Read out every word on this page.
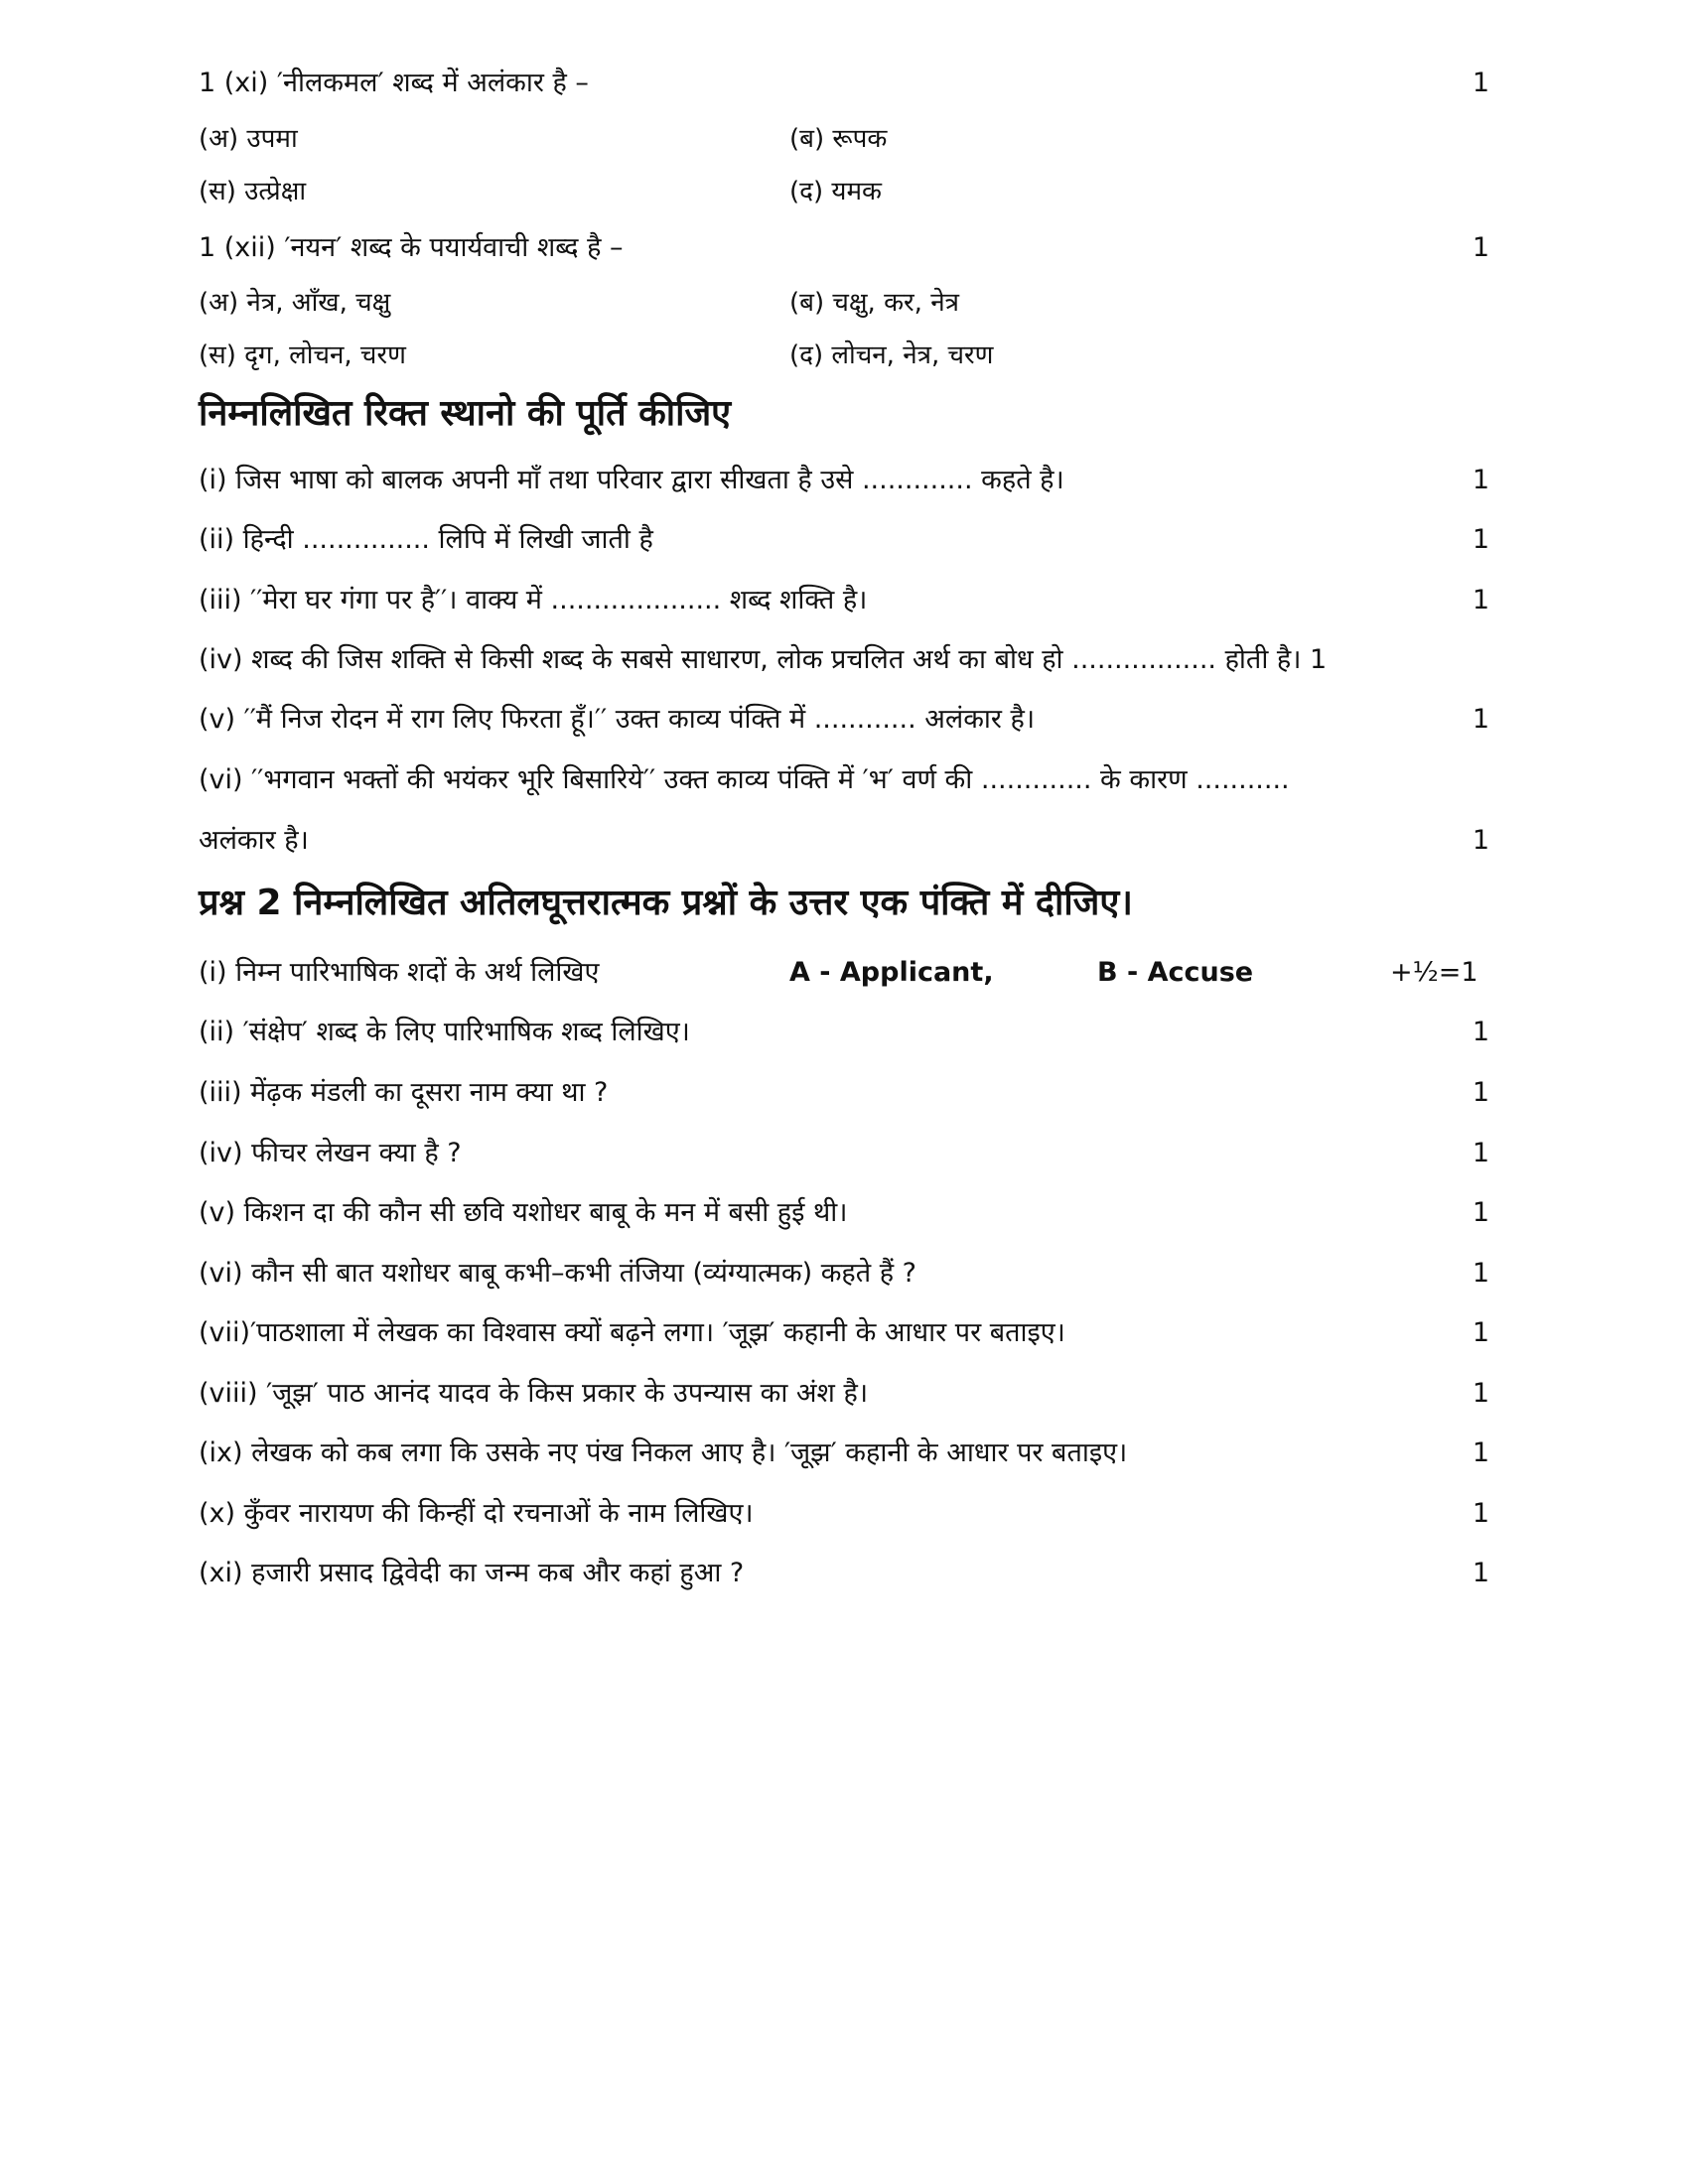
1 (xi) ′नीलकमल′ शब्द में अलंकार है –	1
(अ) उपमा	(ब) रूपक
(स) उत्प्रेक्षा	(द) यमक
1 (xii) ′नयन′ शब्द के पयार्यवाची शब्द है –	1
(अ) नेत्र, आँख, चक्षु	(ब) चक्षु, कर, नेत्र
(स) दृग, लोचन, चरण	(द) लोचन, नेत्र, चरण
निम्नलिखित रिक्त स्थानो की पूर्ति कीजिए
(i) जिस भाषा को बालक अपनी माँ तथा परिवार द्वारा सीखता है उसे ............. कहते है।	1
(ii) हिन्दी ............... लिपि में लिखी जाती है	1
(iii) ′′मेरा घर गंगा पर है′′। वाक्य में .................... शब्द शक्ति है।	1
(iv) शब्द की जिस शक्ति से किसी शब्द के सबसे साधारण, लोक प्रचलित अर्थ का बोध हो ................. होती है। 1
(v) ′′मैं निज रोदन में राग लिए फिरता हूँ।′′ उक्त काव्य पंक्ति में ............ अलंकार है।	1
(vi) ′′भगवान भक्तों की भयंकर भूरि बिसारिये′′ उक्त काव्य पंक्ति में ′भ′ वर्ण की ............. के कारण ...........
अलंकार है।	1
प्रश्न 2 निम्नलिखित अतिलघूत्तरात्मक प्रश्नों के उत्तर एक पंक्ति में दीजिए।
(i) निम्न पारिभाषिक शदों के अर्थ लिखिए	A - Applicant,	B - Accuse	+½=1
(ii) ′संक्षेप′ शब्द के लिए पारिभाषिक शब्द लिखिए।	1
(iii) मेंढ़क मंडली का दूसरा नाम क्या था ?	1
(iv) फीचर लेखन क्या है ?	1
(v) किशन दा की कौन सी छवि यशोधर बाबू के मन में बसी हुई थी।	1
(vi) कौन सी बात यशोधर बाबू कभी–कभी तंजिया (व्यंग्यात्मक) कहते हैं ?	1
(vii)′पाठशाला में लेखक का विश्वास क्यों बढ़ने लगा। ′जूझ′ कहानी के आधार पर बताइए।	1
(viii) ′जूझ′ पाठ आनंद यादव के किस प्रकार के उपन्यास का अंश है।	1
(ix) लेखक को कब लगा कि उसके नए पंख निकल आए है। ′जूझ′ कहानी के आधार पर बताइए।	1
(x) कुँवर नारायण की किन्हीं दो रचनाओं के नाम लिखिए।	1
(xi) हजारी प्रसाद द्विवेदी का जन्म कब और कहां हुआ ?	1
